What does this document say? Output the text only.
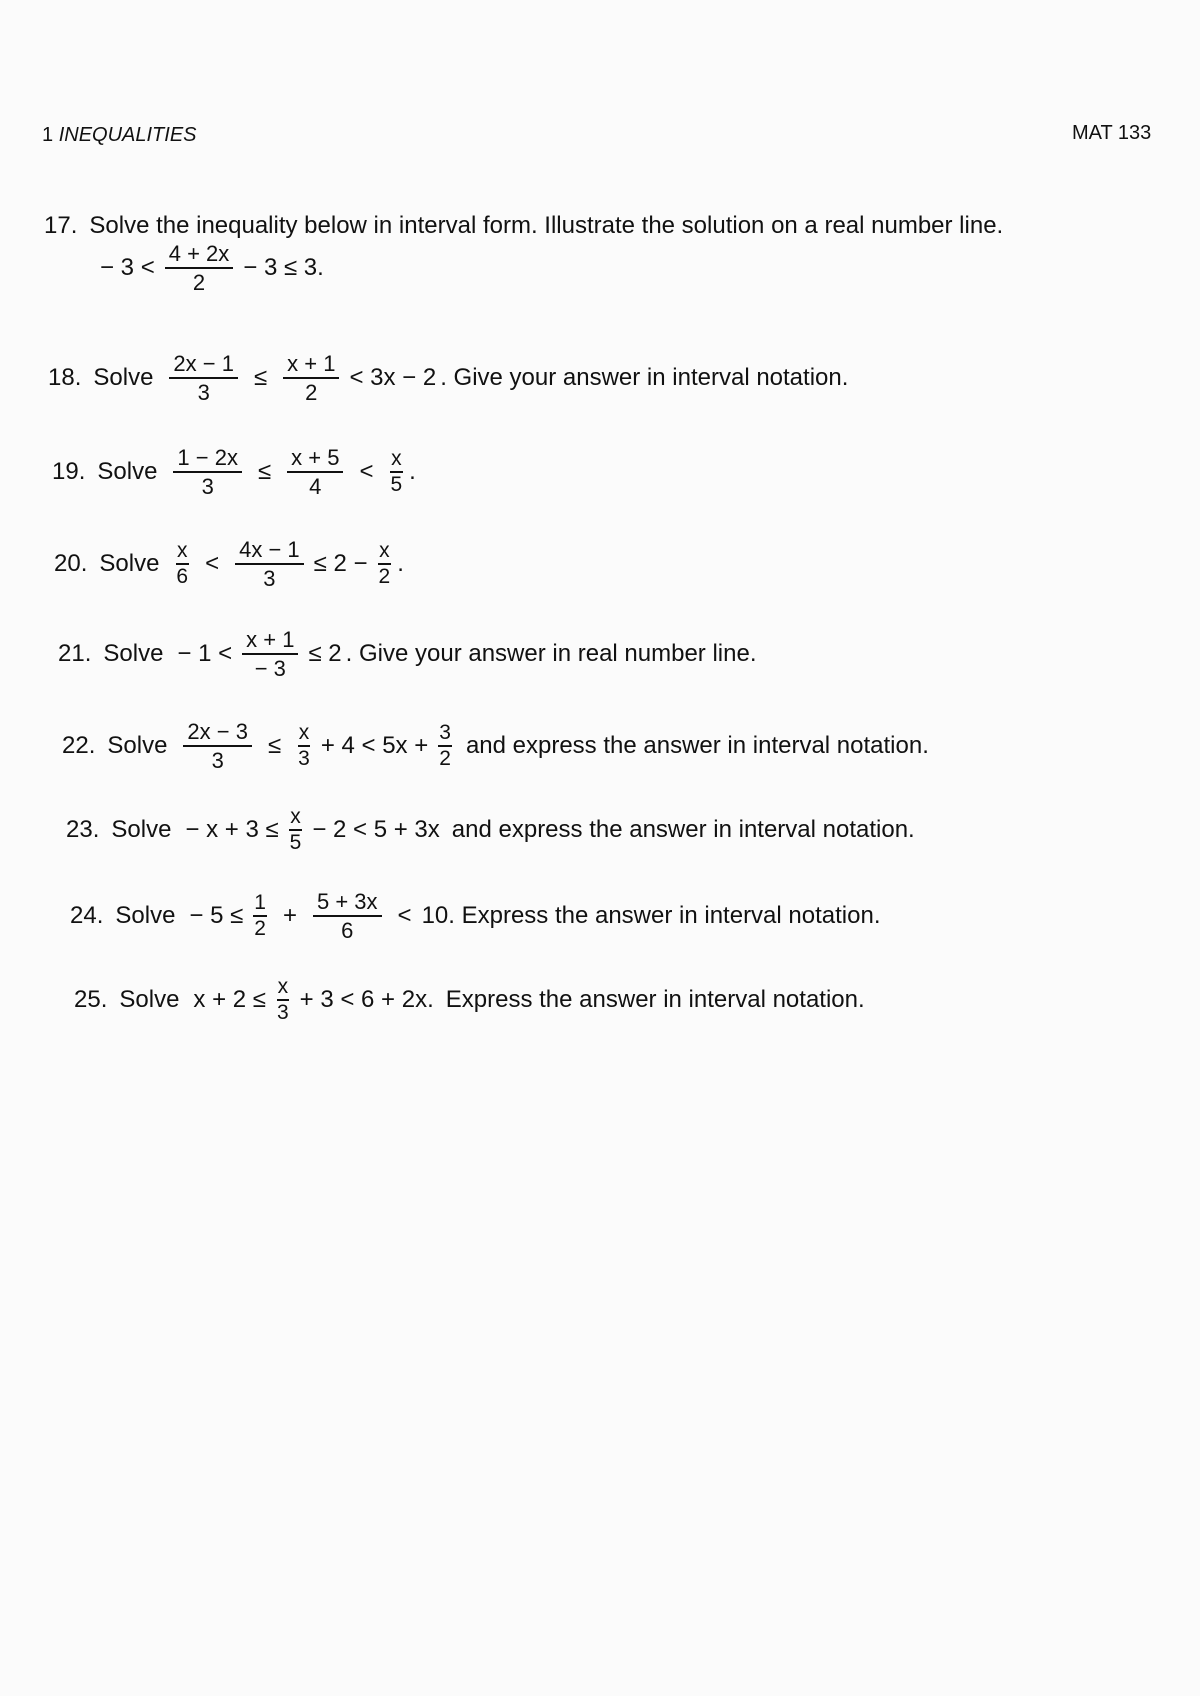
1 INEQUALITIES	MAT 133
17. Solve the inequality below in interval form. Illustrate the solution on a real number line.
− $3 < \frac{4 + 2x}{2} - 3 \le 3$.
18. Solve $\frac{2x - 1}{3} \le \frac{x + 1}{2} < 3x - 2$ . Give your answer in interval notation.
19. Solve $\frac{1 - 2x}{3} \le \frac{x + 5}{4} < \frac{x}{5}$ .
20. Solve $\frac{x}{6} < \frac{4x - 1}{3} \le 2 - \frac{x}{2}$ .
21. Solve − $1 < \frac{x + 1}{- 3} \le 2$ . Give your answer in real number line.
22. Solve $\frac{2x - 3}{3} \le \frac{x}{3} + 4 < 5x + \frac{3}{2}$ and express the answer in interval notation.
23. Solve − $x + 3 \le \frac{x}{5} - 2 < 5 + 3x$ and express the answer in interval notation.
24. Solve − $5 \le \frac{1}{2} + \frac{5 + 3x}{6} < 10$. Express the answer in interval notation.
25. Solve $x + 2 \le \frac{x}{3} + 3 < 6 + 2x$. Express the answer in interval notation.
